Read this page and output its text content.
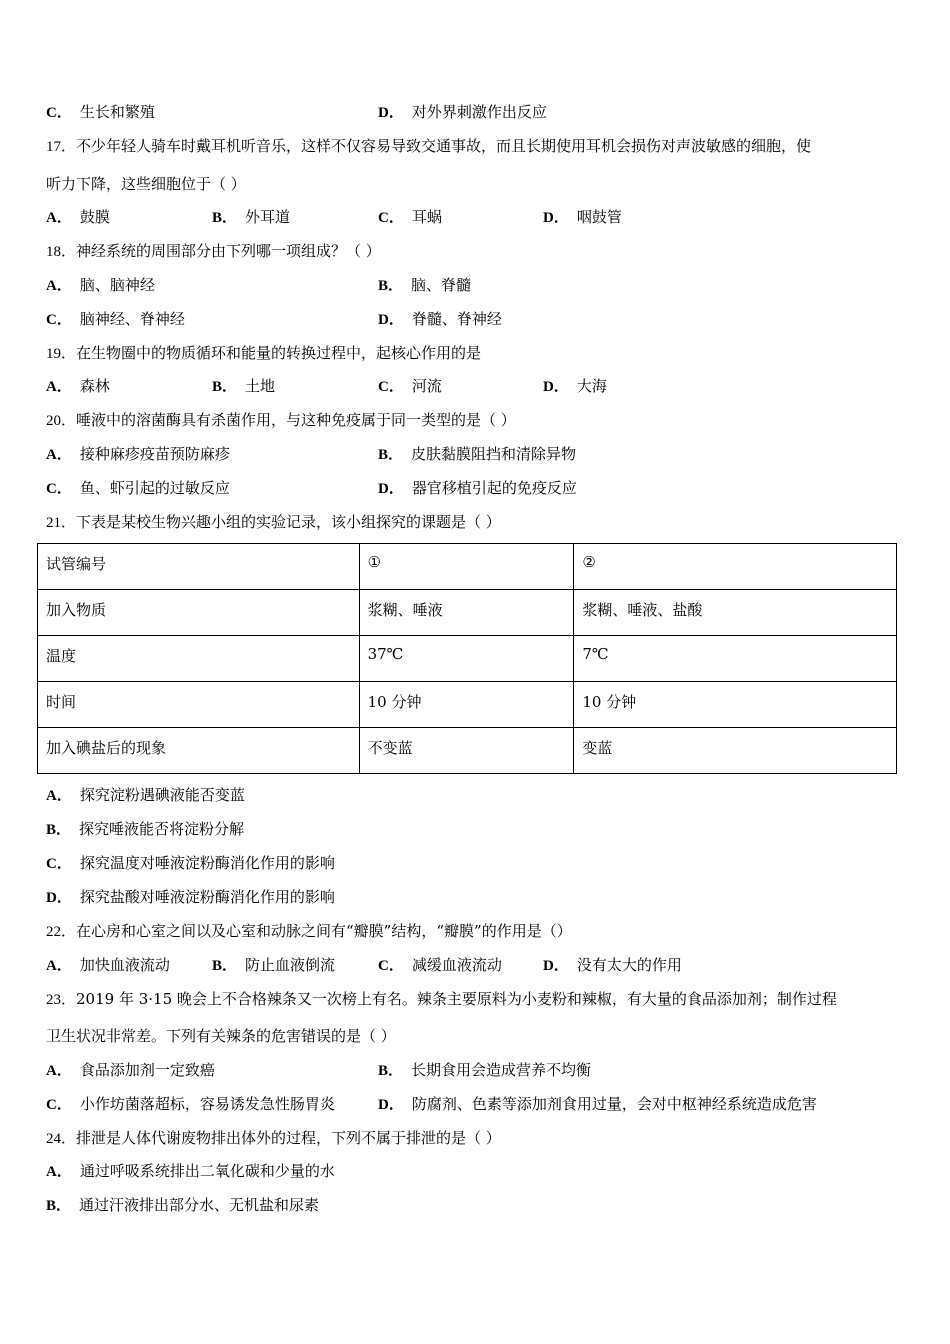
C． 生长和繁殖	D． 对外界刺激作出反应
17．不少年轻人骑车时戴耳机听音乐，这样不仅容易导致交通事故，而且长期使用耳机会损伤对声波敏感的细胞，使
听力下降，这些细胞位于（ ）
A． 鼓膜	B． 外耳道	C． 耳蜗	D． 咽鼓管
18．神经系统的周围部分由下列哪一项组成？（ ）
A． 脑、脑神经	B． 脑、脊髓
C． 脑神经、脊神经	D． 脊髓、脊神经
19．在生物圈中的物质循环和能量的转换过程中，起核心作用的是
A． 森林	B． 土地	C． 河流	D． 大海
20．唾液中的溶菌酶具有杀菌作用，与这种免疫属于同一类型的是（ ）
A． 接种麻疹疫苗预防麻疹	B． 皮肤黏膜阻挡和清除异物
C． 鱼、虾引起的过敏反应	D． 器官移植引起的免疫反应
21．下表是某校生物兴趣小组的实验记录，该小组探究的课题是（ ）
试管编号	①	②
加入物质	浆糊、唾液	浆糊、唾液、盐酸
温度	37℃	7℃
时间	10 分钟	10 分钟
加入碘盐后的现象	不变蓝	变蓝
A． 探究淀粉遇碘液能否变蓝
B． 探究唾液能否将淀粉分解
C． 探究温度对唾液淀粉酶消化作用的影响
D． 探究盐酸对唾液淀粉酶消化作用的影响
22．在心房和心室之间以及心室和动脉之间有“瓣膜”结构，“瓣膜”的作用是（）
A． 加快血液流动	B． 防止血液倒流	C． 减缓血液流动	D． 没有太大的作用
23．2019 年 3·15 晚会上不合格辣条又一次榜上有名。辣条主要原料为小麦粉和辣椒，有大量的食品添加剂；制作过程
卫生状况非常差。下列有关辣条的危害错误的是（ ）
A． 食品添加剂一定致癌	B． 长期食用会造成营养不均衡
C． 小作坊菌落超标，容易诱发急性肠胃炎	D． 防腐剂、色素等添加剂食用过量，会对中枢神经系统造成危害
24．排泄是人体代谢废物排出体外的过程，下列不属于排泄的是（ ）
A． 通过呼吸系统排出二氧化碳和少量的水
B． 通过汗液排出部分水、无机盐和尿素
